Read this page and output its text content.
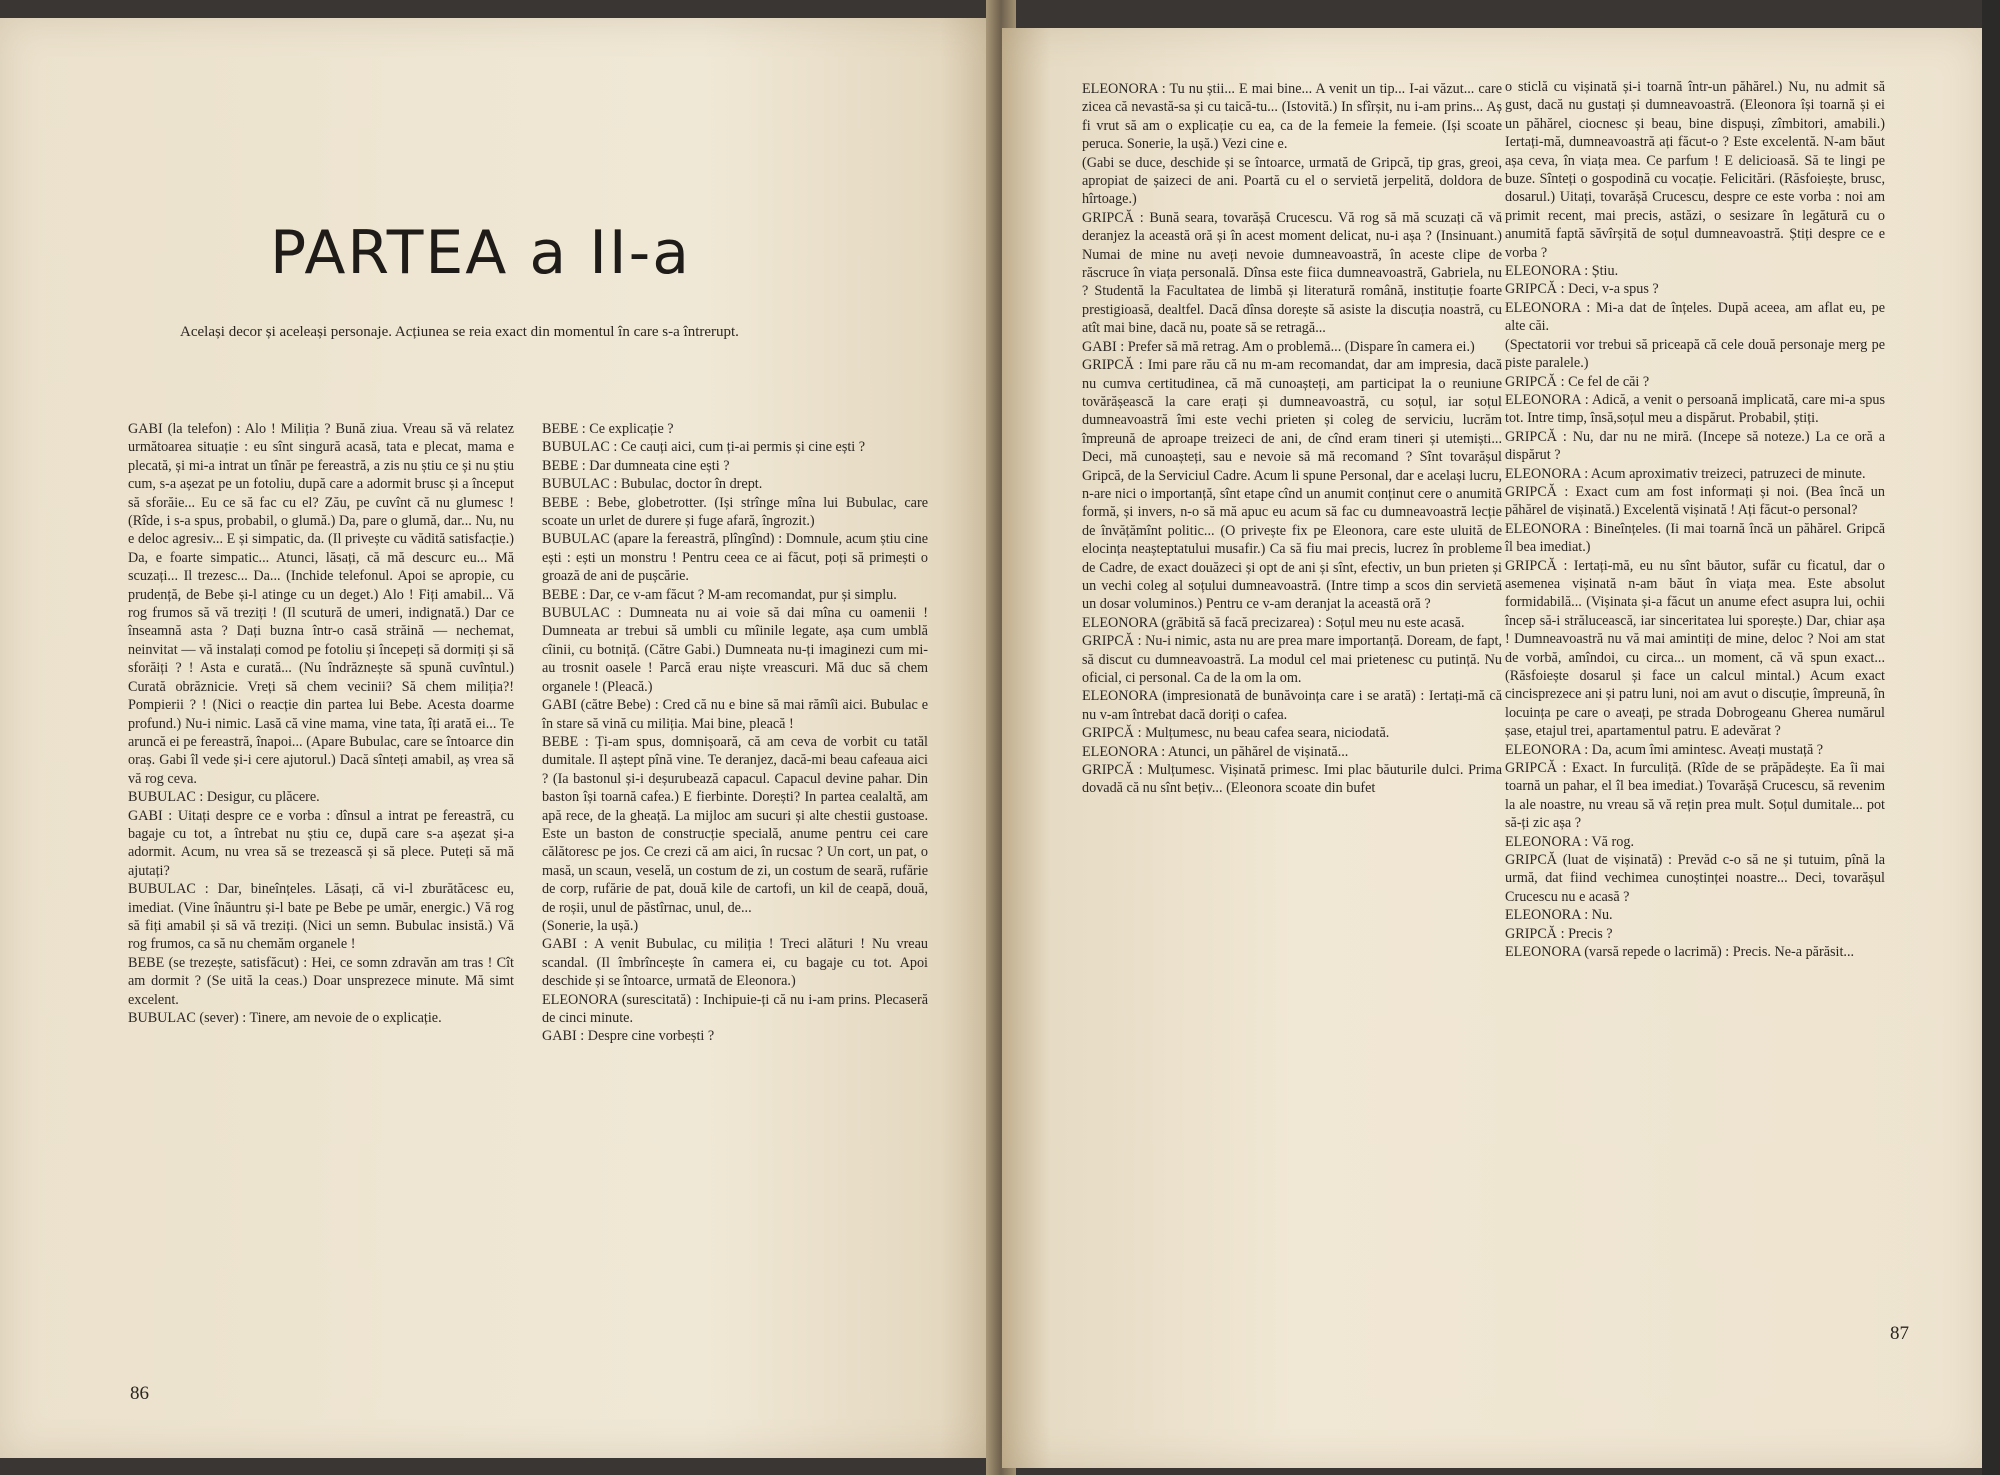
PARTEA a II-a
Același decor și aceleași personaje. Acțiunea se reia exact din momentul în care s-a întrerupt.

GABI (la telefon) : Alo ! Miliția ? Bună ziua. Vreau să vă relatez următoarea situație : eu sînt singură acasă, tata e plecat, mama e plecată, și mi-a intrat un tînăr pe fereastră, a zis nu știu ce și nu știu cum, s-a așezat pe un fotoliu, după care a adormit brusc și a început să sforăie... Eu ce să fac cu el? Zău, pe cuvînt că nu glumesc ! (Rîde, i s-a spus, probabil, o glumă.) Da, pare o glumă, dar... Nu, nu e deloc agresiv... E și simpatic, da. (Il privește cu vădită satisfacție.) Da, e foarte simpatic... Atunci, lăsați, că mă descurc eu... Mă scuzați... Il trezesc... Da... (Inchide telefonul. Apoi se apropie, cu prudență, de Bebe și-l atinge cu un deget.) Alo ! Fiți amabil... Vă rog frumos să vă treziți ! (Il scutură de umeri, indignată.) Dar ce înseamnă asta ? Dați buzna într-o casă străină — nechemat, neinvitat — vă instalați comod pe fotoliu și începeți să dormiți și să sforăiți ? ! Asta e curată... (Nu îndrăznește să spună cuvîntul.) Curată obrăznicie. Vreți să chem vecinii? Să chem miliția?! Pompierii ? ! (Nici o reacție din partea lui Bebe. Acesta doarme profund.) Nu-i nimic. Lasă că vine mama, vine tata, îți arată ei... Te aruncă ei pe fereastră, înapoi... (Apare Bubulac, care se întoarce din oraș. Gabi îl vede și-i cere ajutorul.) Dacă sînteți amabil, aș vrea să vă rog ceva.

BUBULAC : Desigur, cu plăcere.

GABI : Uitați despre ce e vorba : dînsul a intrat pe fereastră, cu bagaje cu tot, a întrebat nu știu ce, după care s-a așezat și-a adormit. Acum, nu vrea să se trezească și să plece. Puteți să mă ajutați?

BUBULAC : Dar, bineînțeles. Lăsați, că vi-l zburătăcesc eu, imediat. (Vine înăuntru și-l bate pe Bebe pe umăr, energic.) Vă rog să fiți amabil și să vă treziți. (Nici un semn. Bubulac insistă.) Vă rog frumos, ca să nu chemăm organele !

BEBE (se trezește, satisfăcut) : Hei, ce somn zdravăn am tras ! Cît am dormit ? (Se uită la ceas.) Doar unsprezece minute. Mă simt excelent.

BUBULAC (sever) : Tinere, am nevoie de o explicație.

BEBE : Ce explicație ?

BUBULAC : Ce cauți aici, cum ți-ai permis și cine ești ?

BEBE : Dar dumneata cine ești ?

BUBULAC : Bubulac, doctor în drept.

BEBE : Bebe, globetrotter. (Iși strînge mîna lui Bubulac, care scoate un urlet de durere și fuge afară, îngrozit.)

BUBULAC (apare la fereastră, plîngînd) : Domnule, acum știu cine ești : ești un monstru ! Pentru ceea ce ai făcut, poți să primești o groază de ani de pușcărie.

BEBE : Dar, ce v-am făcut ? M-am recomandat, pur și simplu.

BUBULAC : Dumneata nu ai voie să dai mîna cu oamenii ! Dumneata ar trebui să umbli cu mîinile legate, așa cum umblă cîinii, cu botniță. (Către Gabi.) Dumneata nu-ți imaginezi cum mi-au trosnit oasele ! Parcă erau niște vreascuri. Mă duc să chem organele ! (Pleacă.)

GABI (către Bebe) : Cred că nu e bine să mai rămîi aici. Bubulac e în stare să vină cu miliția. Mai bine, pleacă !

BEBE : Ți-am spus, domnișoară, că am ceva de vorbit cu tatăl dumitale. Il aștept pînă vine. Te deranjez, dacă-mi beau cafeaua aici ? (Ia bastonul și-i deșurubează capacul. Capacul devine pahar. Din baston își toarnă cafea.) E fierbinte. Dorești? In partea cealaltă, am apă rece, de la gheață. La mijloc am sucuri și alte chestii gustoase. Este un baston de construcție specială, anume pentru cei care călătoresc pe jos. Ce crezi că am aici, în rucsac ? Un cort, un pat, o masă, un scaun, veselă, un costum de zi, un costum de seară, rufărie de corp, rufărie de pat, două kile de cartofi, un kil de ceapă, două, de roșii, unul de păstîrnac, unul, de...

(Sonerie, la ușă.)

GABI : A venit Bubulac, cu miliția ! Treci alături ! Nu vreau scandal. (Il îmbrîncește în camera ei, cu bagaje cu tot. Apoi deschide și se întoarce, urmată de Eleonora.)

ELEONORA (surescitată) : Inchipuie-ți că nu i-am prins. Plecaseră de cinci minute.

GABI : Despre cine vorbești ?

86

ELEONORA : Tu nu știi... E mai bine... A venit un tip... I-ai văzut... care zicea că nevastă-sa și cu taică-tu... (Istovită.) In sfîrșit, nu i-am prins... Aș fi vrut să am o explicație cu ea, ca de la femeie la femeie. (Iși scoate peruca. Sonerie, la ușă.) Vezi cine e.

(Gabi se duce, deschide și se întoarce, urmată de Gripcă, tip gras, greoi, apropiat de șaizeci de ani. Poartă cu el o servietă jerpelită, doldora de hîrtoage.)

GRIPCĂ : Bună seara, tovarășă Crucescu. Vă rog să mă scuzați că vă deranjez la această oră și în acest moment delicat, nu-i așa ? (Insinuant.) Numai de mine nu aveți nevoie dumneavoastră, în aceste clipe de răscruce în viața personală. Dînsa este fiica dumneavoastră, Gabriela, nu ? Studentă la Facultatea de limbă și literatură română, instituție foarte prestigioasă, dealtfel. Dacă dînsa dorește să asiste la discuția noastră, cu atît mai bine, dacă nu, poate să se retragă...

GABI : Prefer să mă retrag. Am o problemă... (Dispare în camera ei.)

GRIPCĂ : Imi pare rău că nu m-am recomandat, dar am impresia, dacă nu cumva certitudinea, că mă cunoașteți, am participat la o reuniune tovărășească la care erați și dumneavoastră, cu soțul, iar soțul dumneavoastră îmi este vechi prieten și coleg de serviciu, lucrăm împreună de aproape treizeci de ani, de cînd eram tineri și utemiști... Deci, mă cunoașteți, sau e nevoie să mă recomand ? Sînt tovarășul Gripcă, de la Serviciul Cadre. Acum li spune Personal, dar e același lucru, n-are nici o importanță, sînt etape cînd un anumit conținut cere o anumită formă, și invers, n-o să mă apuc eu acum să fac cu dumneavoastră lecție de învățămînt politic... (O privește fix pe Eleonora, care este uluită de elocința neașteptatului musafir.) Ca să fiu mai precis, lucrez în probleme de Cadre, de exact douăzeci și opt de ani și sînt, efectiv, un bun prieten și un vechi coleg al soțului dumneavoastră. (Intre timp a scos din servietă un dosar voluminos.) Pentru ce v-am deranjat la această oră ?

ELEONORA (grăbită să facă precizarea) : Soțul meu nu este acasă.

GRIPCĂ : Nu-i nimic, asta nu are prea mare importanță. Doream, de fapt, să discut cu dumneavoastră. La modul cel mai prietenesc cu putință. Nu oficial, ci personal. Ca de la om la om.

ELEONORA (impresionată de bunăvoința care i se arată) : Iertați-mă că nu v-am întrebat dacă doriți o cafea.

GRIPCĂ : Mulțumesc, nu beau cafea seara, niciodată.

ELEONORA : Atunci, un păhărel de vișinată...

GRIPCĂ : Mulțumesc. Vișinată primesc. Imi plac băuturile dulci. Prima dovadă că nu sînt bețiv... (Eleonora scoate din bufet

o sticlă cu vișinată și-i toarnă într-un păhărel.) Nu, nu admit să gust, dacă nu gustați și dumneavoastră. (Eleonora își toarnă și ei un păhărel, ciocnesc și beau, bine dispuși, zîmbitori, amabili.) Iertați-mă, dumneavoastră ați făcut-o ? Este excelentă. N-am băut așa ceva, în viața mea. Ce parfum ! E delicioasă. Să te lingi pe buze. Sînteți o gospodină cu vocație. Felicitări. (Răsfoiește, brusc, dosarul.) Uitați, tovarășă Crucescu, despre ce este vorba : noi am primit recent, mai precis, astăzi, o sesizare în legătură cu o anumită faptă săvîrșită de soțul dumneavoastră. Știți despre ce e vorba ?

ELEONORA : Știu.

GRIPCĂ : Deci, v-a spus ?

ELEONORA : Mi-a dat de înțeles. După aceea, am aflat eu, pe alte căi.

(Spectatorii vor trebui să priceapă că cele două personaje merg pe piste paralele.)

GRIPCĂ : Ce fel de căi ?

ELEONORA : Adică, a venit o persoană implicată, care mi-a spus tot. Intre timp, însă,soțul meu a dispărut. Probabil, știți.

GRIPCĂ : Nu, dar nu ne miră. (Incepe să noteze.) La ce oră a dispărut ?

ELEONORA : Acum aproximativ treizeci, patruzeci de minute.

GRIPCĂ : Exact cum am fost informați și noi. (Bea încă un păhărel de vișinată.) Excelentă vișinată ! Ați făcut-o personal?

ELEONORA : Bineînțeles. (Ii mai toarnă încă un păhărel. Gripcă îl bea imediat.)

GRIPCĂ : Iertați-mă, eu nu sînt băutor, sufăr cu ficatul, dar o asemenea vișinată n-am băut în viața mea. Este absolut formidabilă... (Vișinata și-a făcut un anume efect asupra lui, ochii încep să-i strălucească, iar sinceritatea lui sporește.) Dar, chiar așa ! Dumneavoastră nu vă mai amintiți de mine, deloc ? Noi am stat de vorbă, amîndoi, cu circa... un moment, că vă spun exact... (Răsfoiește dosarul și face un calcul mintal.) Acum exact cincisprezece ani și patru luni, noi am avut o discuție, împreună, în locuința pe care o aveați, pe strada Dobrogeanu Gherea numărul șase, etajul trei, apartamentul patru. E adevărat ?

ELEONORA : Da, acum îmi amintesc. Aveați mustață ?

GRIPCĂ : Exact. In furculiță. (Rîde de se prăpădește. Ea îi mai toarnă un pahar, el îl bea imediat.) Tovarășă Crucescu, să revenim la ale noastre, nu vreau să vă rețin prea mult. Soțul dumitale... pot să-ți zic așa ?

ELEONORA : Vă rog.

GRIPCĂ (luat de vișinată) : Prevăd c-o să ne și tutuim, pînă la urmă, dat fiind vechimea cunoștinței noastre... Deci, tovarășul Crucescu nu e acasă ?

ELEONORA : Nu.

GRIPCĂ : Precis ?

ELEONORA (varsă repede o lacrimă) : Precis. Ne-a părăsit...

87
